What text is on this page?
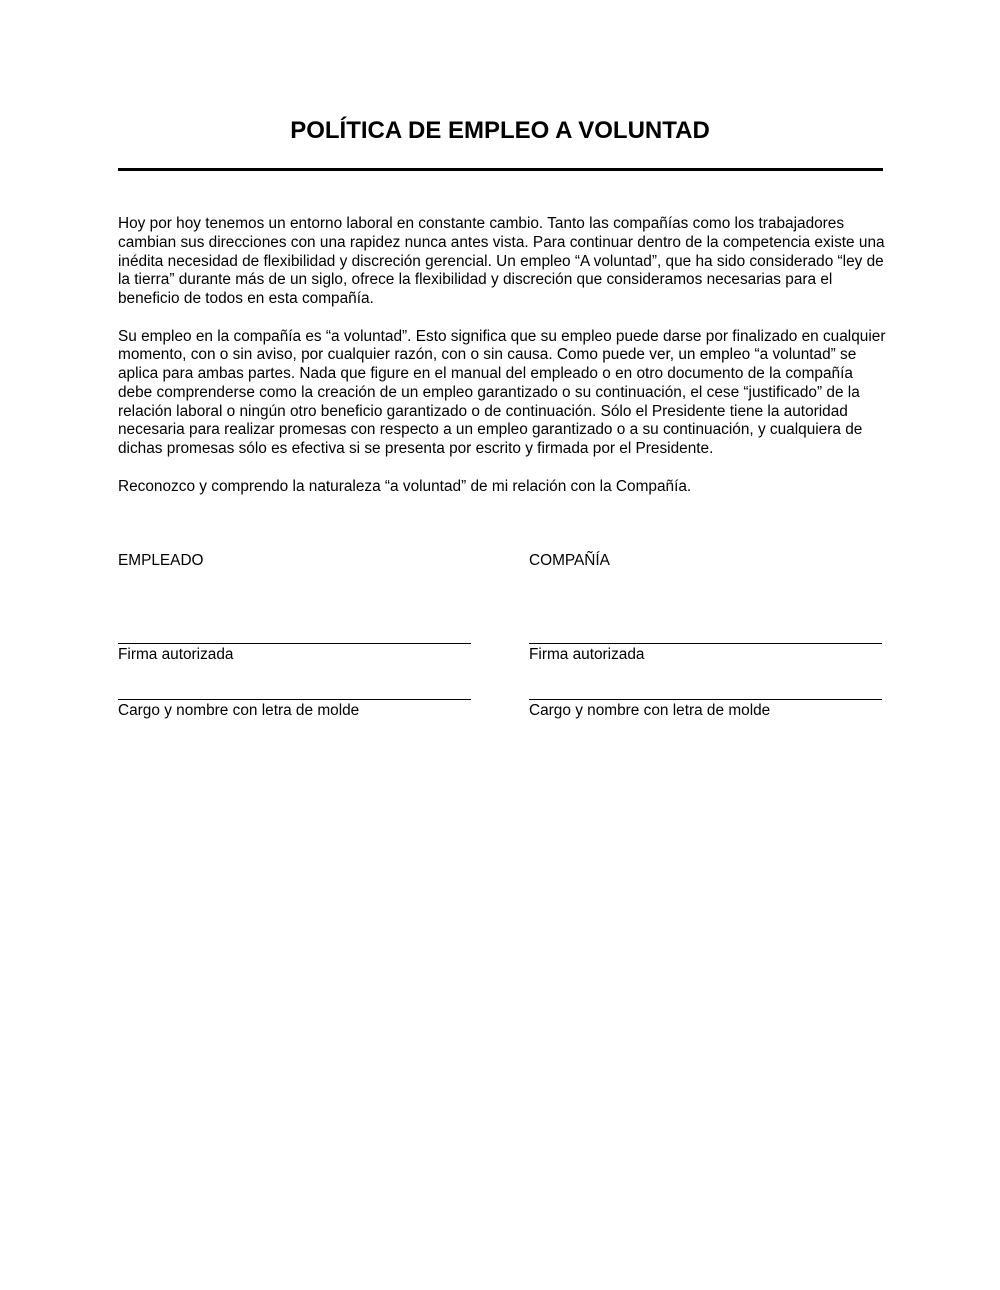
POLÍTICA DE EMPLEO A VOLUNTAD

Hoy por hoy tenemos un entorno laboral en constante cambio. Tanto las compañías como los trabajadores cambian sus direcciones con una rapidez nunca antes vista. Para continuar dentro de la competencia existe una inédita necesidad de flexibilidad y discreción gerencial. Un empleo “A voluntad”, que ha sido considerado “ley de la tierra” durante más de un siglo, ofrece la flexibilidad y discreción que consideramos necesarias para el beneficio de todos en esta compañía.

Su empleo en la compañía es “a voluntad”. Esto significa que su empleo puede darse por finalizado en cualquier momento, con o sin aviso, por cualquier razón, con o sin causa. Como puede ver, un empleo “a voluntad” se aplica para ambas partes. Nada que figure en el manual del empleado o en otro documento de la compañía debe comprenderse como la creación de un empleo garantizado o su continuación, el cese “justificado” de la relación laboral o ningún otro beneficio garantizado o de continuación. Sólo el Presidente tiene la autoridad necesaria para realizar promesas con respecto a un empleo garantizado o a su continuación, y cualquiera de dichas promesas sólo es efectiva si se presenta por escrito y firmada por el Presidente.

Reconozco y comprendo la naturaleza “a voluntad” de mi relación con la Compañía.

EMPLEADO
Firma autorizada
Cargo y nombre con letra de molde
COMPAÑÍA
Firma autorizada
Cargo y nombre con letra de molde
